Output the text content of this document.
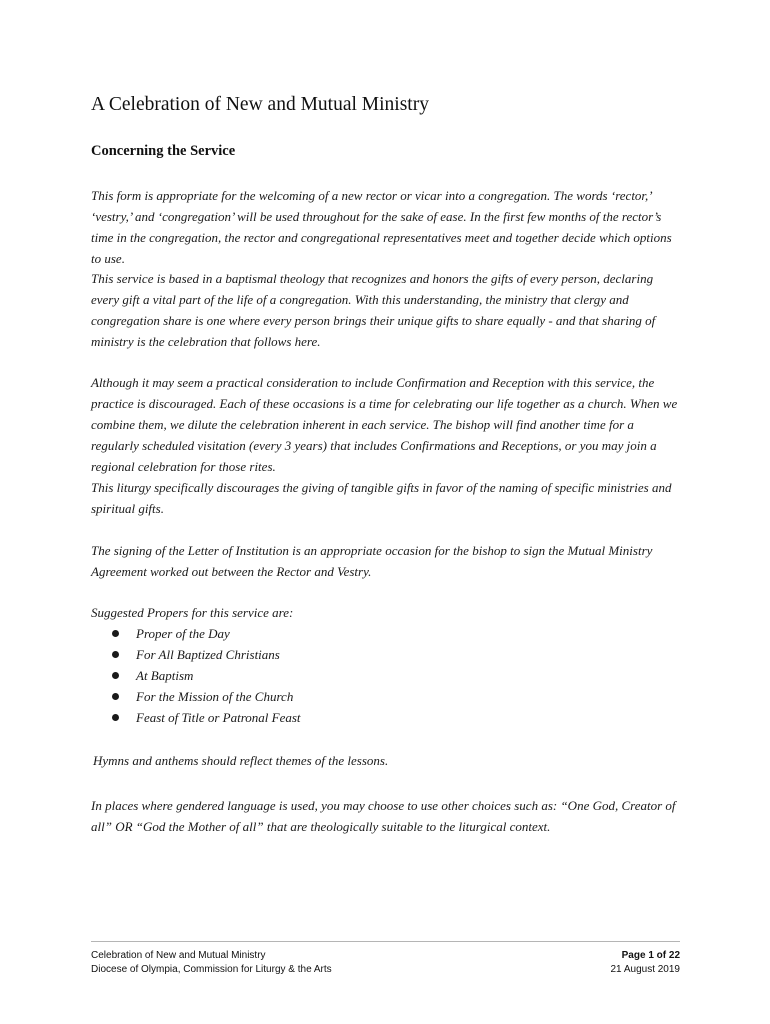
A Celebration of New and Mutual Ministry
Concerning the Service

This form is appropriate for the welcoming of a new rector or vicar into a congregation. The words ‘rector,’ ‘vestry,’ and ‘congregation’ will be used throughout for the sake of ease. In the first few months of the rector’s time in the congregation, the rector and congregational representatives meet and together decide which options to use.

This service is based in a baptismal theology that recognizes and honors the gifts of every person, declaring every gift a vital part of the life of a congregation. With this understanding, the ministry that clergy and congregation share is one where every person brings their unique gifts to share equally - and that sharing of ministry is the celebration that follows here.

Although it may seem a practical consideration to include Confirmation and Reception with this service, the practice is discouraged. Each of these occasions is a time for celebrating our life together as a church. When we combine them, we dilute the celebration inherent in each service. The bishop will find another time for a regularly scheduled visitation (every 3 years) that includes Confirmations and Receptions, or you may join a regional celebration for those rites.

This liturgy specifically discourages the giving of tangible gifts in favor of the naming of specific ministries and spiritual gifts.

The signing of the Letter of Institution is an appropriate occasion for the bishop to sign the Mutual Ministry Agreement worked out between the Rector and Vestry.

Suggested Propers for this service are:

Proper of the Day
For All Baptized Christians
At Baptism
For the Mission of the Church
Feast of Title or Patronal Feast

Hymns and anthems should reflect themes of the lessons.

In places where gendered language is used, you may choose to use other choices such as: “One God, Creator of all” OR “God the Mother of all” that are theologically suitable to the liturgical context.

Celebration of New and Mutual Ministry
Diocese of Olympia, Commission for Liturgy & the Arts
Page 1 of 22
21 August 2019
